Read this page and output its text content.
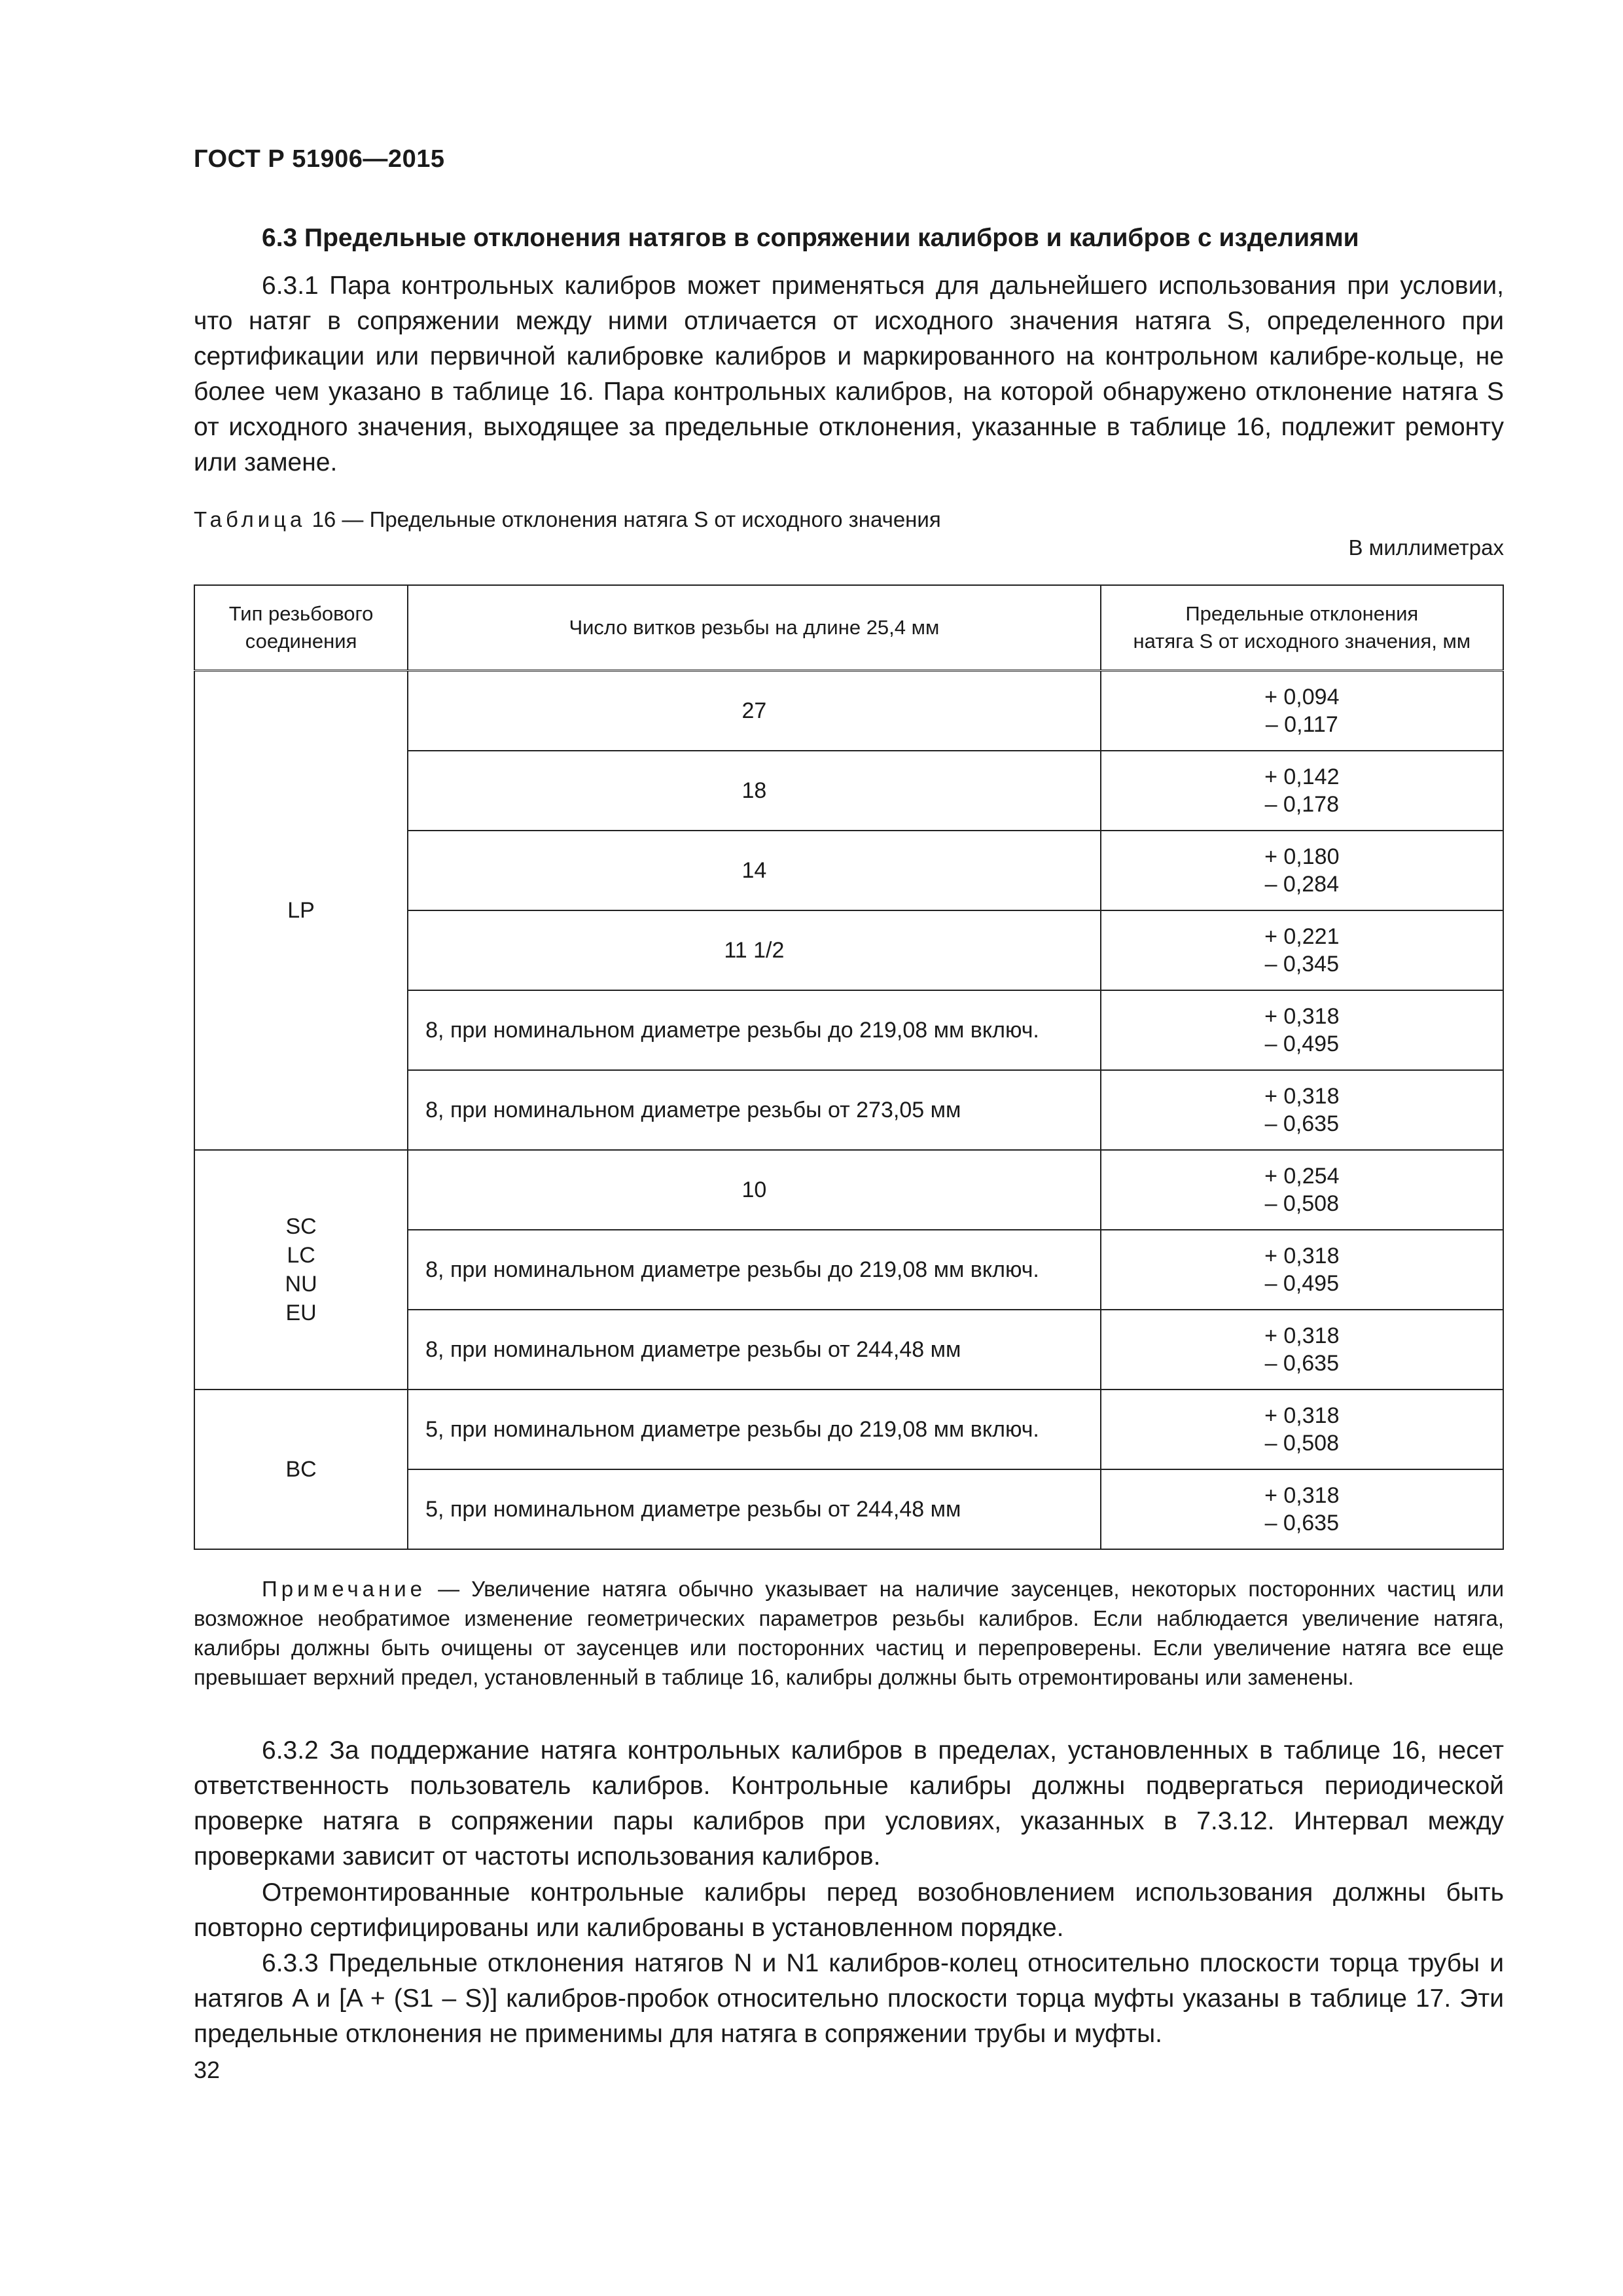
ГОСТ Р 51906—2015
6.3 Предельные отклонения натягов в сопряжении калибров и калибров с изделиями
6.3.1 Пара контрольных калибров может применяться для дальнейшего использования при условии, что натяг в сопряжении между ними отличается от исходного значения натяга S, определенного при сертификации или первичной калибровке калибров и маркированного на контрольном калибре-кольце, не более чем указано в таблице 16. Пара контрольных калибров, на которой обнаружено отклонение натяга S от исходного значения, выходящее за предельные отклонения, указанные в таблице 16, подлежит ремонту или замене.
Таблица 16 — Предельные отклонения натяга S от исходного значения
В миллиметрах
Тип резьбового
соединения	Число витков резьбы на длине 25,4 мм	Предельные отклонения
натяга S от исходного значения, мм
LP	27	+ 0,094
– 0,117

	18	+ 0,142
– 0,178

	14	+ 0,180
– 0,284

	11 1/2	+ 0,221
– 0,345

	8, при номинальном диаметре резьбы до 219,08 мм включ.	+ 0,318
– 0,495

	8, при номинальном диаметре резьбы от 273,05 мм	+ 0,318
– 0,635

SC
LC
NU
EU	10	+ 0,254
– 0,508

	8, при номинальном диаметре резьбы до 219,08 мм включ.	+ 0,318
– 0,495

	8, при номинальном диаметре резьбы от 244,48 мм	+ 0,318
– 0,635

BC	5, при номинальном диаметре резьбы до 219,08 мм включ.	+ 0,318
– 0,508

	5, при номинальном диаметре резьбы от 244,48 мм	+ 0,318
– 0,635
Примечание — Увеличение натяга обычно указывает на наличие заусенцев, некоторых посторонних частиц или возможное необратимое изменение геометрических параметров резьбы калибров. Если наблюдается увеличение натяга, калибры должны быть очищены от заусенцев или посторонних частиц и перепроверены. Если увеличение натяга все еще превышает верхний предел, установленный в таблице 16, калибры должны быть отремонтированы или заменены.
6.3.2 За поддержание натяга контрольных калибров в пределах, установленных в таблице 16, несет ответственность пользователь калибров. Контрольные калибры должны подвергаться периодической проверке натяга в сопряжении пары калибров при условиях, указанных в 7.3.12. Интервал между проверками зависит от частоты использования калибров.
Отремонтированные контрольные калибры перед возобновлением использования должны быть повторно сертифицированы или калиброваны в установленном порядке.
6.3.3 Предельные отклонения натягов N и N1 калибров-колец относительно плоскости торца трубы и натягов A и [A + (S1 – S)] калибров-пробок относительно плоскости торца муфты указаны в таблице 17. Эти предельные отклонения не применимы для натяга в сопряжении трубы и муфты.
32
